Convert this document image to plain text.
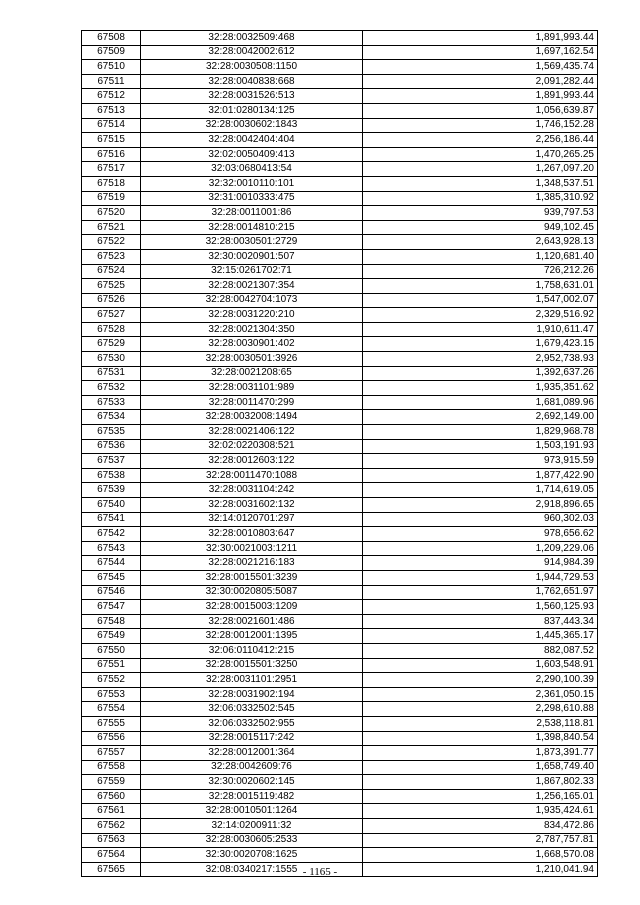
67508	32:28:0032509:468	1,891,993.44
67509	32:28:0042002:612	1,697,162.54
67510	32:28:0030508:1150	1,569,435.74
67511	32:28:0040838:668	2,091,282.44
67512	32:28:0031526:513	1,891,993.44
67513	32:01:0280134:125	1,056,639.87
67514	32:28:0030602:1843	1,746,152.28
67515	32:28:0042404:404	2,256,186.44
67516	32:02:0050409:413	1,470,265.25
67517	32:03:0680413:54	1,267,097.20
67518	32:32:0010110:101	1,348,537.51
67519	32:31:0010333:475	1,385,310.92
67520	32:28:0011001:86	939,797.53
67521	32:28:0014810:215	949,102.45
67522	32:28:0030501:2729	2,643,928.13
67523	32:30:0020901:507	1,120,681.40
67524	32:15:0261702:71	726,212.26
67525	32:28:0021307:354	1,758,631.01
67526	32:28:0042704:1073	1,547,002.07
67527	32:28:0031220:210	2,329,516.92
67528	32:28:0021304:350	1,910,611.47
67529	32:28:0030901:402	1,679,423.15
67530	32:28:0030501:3926	2,952,738.93
67531	32:28:0021208:65	1,392,637.26
67532	32:28:0031101:989	1,935,351.62
67533	32:28:0011470:299	1,681,089.96
67534	32:28:0032008:1494	2,692,149.00
67535	32:28:0021406:122	1,829,968.78
67536	32:02:0220308:521	1,503,191.93
67537	32:28:0012603:122	973,915.59
67538	32:28:0011470:1088	1,877,422.90
67539	32:28:0031104:242	1,714,619.05
67540	32:28:0031602:132	2,918,896.65
67541	32:14:0120701:297	960,302.03
67542	32:28:0010803:647	978,656.62
67543	32:30:0021003:1211	1,209,229.06
67544	32:28:0021216:183	914,984.39
67545	32:28:0015501:3239	1,944,729.53
67546	32:30:0020805:5087	1,762,651.97
67547	32:28:0015003:1209	1,560,125.93
67548	32:28:0021601:486	837,443.34
67549	32:28:0012001:1395	1,445,365.17
67550	32:06:0110412:215	882,087.52
67551	32:28:0015501:3250	1,603,548.91
67552	32:28:0031101:2951	2,290,100.39
67553	32:28:0031902:194	2,361,050.15
67554	32:06:0332502:545	2,298,610.88
67555	32:06:0332502:955	2,538,118.81
67556	32:28:0015117:242	1,398,840.54
67557	32:28:0012001:364	1,873,391.77
67558	32:28:0042609:76	1,658,749.40
67559	32:30:0020602:145	1,867,802.33
67560	32:28:0015119:482	1,256,165.01
67561	32:28:0010501:1264	1,935,424.61
67562	32:14:0200911:32	834,472.86
67563	32:28:0030605:2533	2,787,757.81
67564	32:30:0020708:1625	1,668,570.08
67565	32:08:0340217:1555	1,210,041.94
- 1165 -
